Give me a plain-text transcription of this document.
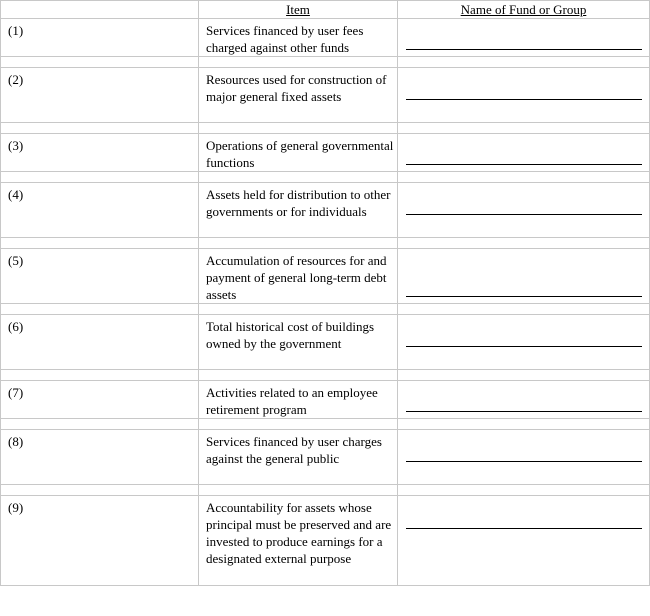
	Item	Name of Fund or Group
(1)	Services financed by user fees charged against other funds	

(2)	Resources used for construction of major general fixed assets	

(3)	Operations of general governmental functions	

(4)	Assets held for distribution to other governments or for individuals	

(5)	Accumulation of resources for and payment of general long-term debt assets	

(6)	Total historical cost of buildings owned by the government	

(7)	Activities related to an employee retirement program	

(8)	Services financed by user charges against the general public	

(9)	Accountability for assets whose principal must be preserved and are invested to produce earnings for a designated external purpose	
